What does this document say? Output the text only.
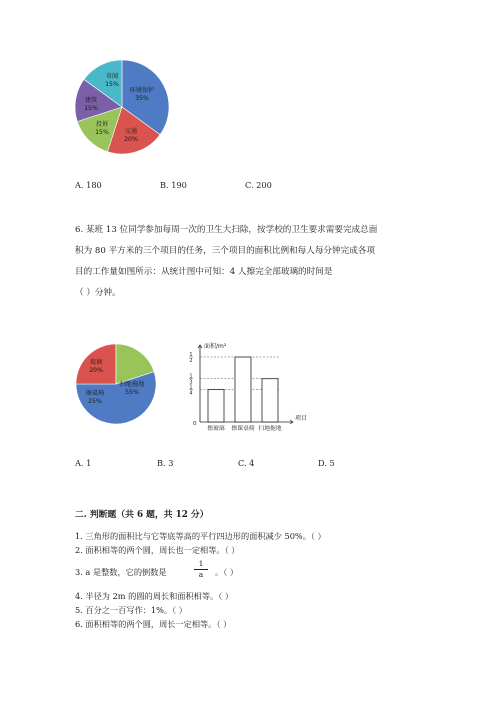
环境保护
35%
交通
20%
投诉
15%
建筑
15%
奇闻
15%
A. 180	B. 190	C. 200
6. 某班 13 位同学参加每周一次的卫生大扫除，按学校的卫生要求需要完成总面
积为 80 平方米的三个项目的任务，三个项目的面积比例和每人每分钟完成各项
目的工作量如图所示：从统计图中可知：4 人擦完全部玻璃的时间是
（ ）分钟。
扫地拖地
55%
擦桌椅
25%
玻璃
20%
面积/m²
项目
0
1
2
1
3
1
4
擦玻璃 擦课桌椅 扫地拖地
A. 1	B. 3	C. 4	D. 5
二. 判断题（共 6 题，共 12 分）
1. 三角形的面积比与它等底等高的平行四边形的面积减少 50%。（ ）
2. 面积相等的两个圆，周长也一定相等。（ ）
3. a 是整数，它的倒数是
1
a	。（ ）
4. 半径为 2m 的圆的周长和面积相等。（ ）
5. 百分之一百写作：1%。（ ）
6. 面积相等的两个圆，周长一定相等。（ ）
